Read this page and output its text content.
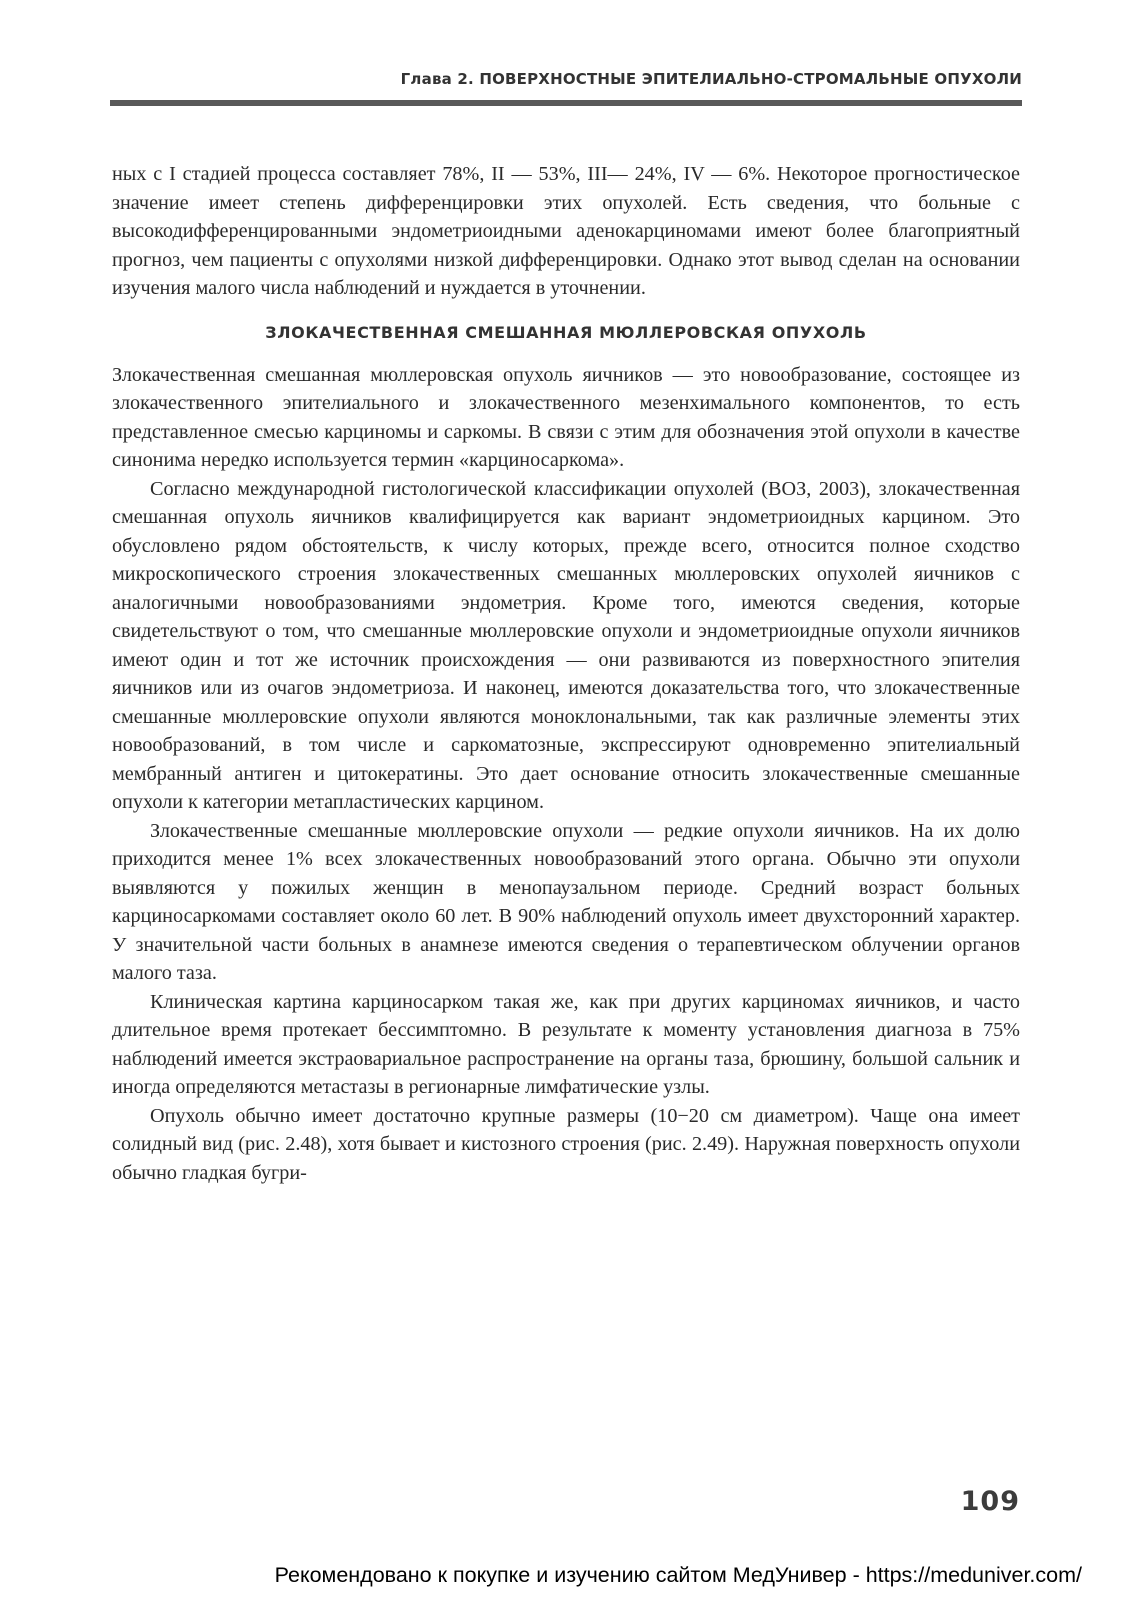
Глава 2. ПОВЕРХНОСТНЫЕ ЭПИТЕЛИАЛЬНО-СТРОМАЛЬНЫЕ ОПУХОЛИ

ных с I стадией процесса составляет 78%, II — 53%, III— 24%, IV — 6%. Некоторое прогностическое значение имеет степень дифференцировки этих опухолей. Есть сведения, что больные с высокодифференцированными эндометриоидными аденокарциномами имеют более благоприятный прогноз, чем пациенты с опухолями низкой дифференцировки. Однако этот вывод сделан на основании изучения малого числа наблюдений и нуждается в уточнении.

ЗЛОКАЧЕСТВЕННАЯ СМЕШАННАЯ МЮЛЛЕРОВСКАЯ ОПУХОЛЬ

Злокачественная смешанная мюллеровская опухоль яичников — это новообразование, состоящее из злокачественного эпителиального и злокачественного мезенхимального компонентов, то есть представленное смесью карциномы и саркомы. В связи с этим для обозначения этой опухоли в качестве синонима нередко используется термин «карциносаркома».

Согласно международной гистологической классификации опухолей (ВОЗ, 2003), злокачественная смешанная опухоль яичников квалифицируется как вариант эндометриоидных карцином. Это обусловлено рядом обстоятельств, к числу которых, прежде всего, относится полное сходство микроскопического строения злокачественных смешанных мюллеровских опухолей яичников с аналогичными новообразованиями эндометрия. Кроме того, имеются сведения, которые свидетельствуют о том, что смешанные мюллеровские опухоли и эндометриоидные опухоли яичников имеют один и тот же источник происхождения — они развиваются из поверхностного эпителия яичников или из очагов эндометриоза. И наконец, имеются доказательства того, что злокачественные смешанные мюллеровские опухоли являются моноклональными, так как различные элементы этих новообразований, в том числе и саркоматозные, экспрессируют одновременно эпителиальный мембранный антиген и цитокератины. Это дает основание относить злокачественные смешанные опухоли к категории метапластических карцином.

Злокачественные смешанные мюллеровские опухоли — редкие опухоли яичников. На их долю приходится менее 1% всех злокачественных новообразований этого органа. Обычно эти опухоли выявляются у пожилых женщин в менопаузальном периоде. Средний возраст больных карциносаркомами составляет около 60 лет. В 90% наблюдений опухоль имеет двухсторонний характер. У значительной части больных в анамнезе имеются сведения о терапевтическом облучении органов малого таза.

Клиническая картина карциносарком такая же, как при других карциномах яичников, и часто длительное время протекает бессимптомно. В результате к моменту установления диагноза в 75% наблюдений имеется экстраовариальное распространение на органы таза, брюшину, большой сальник и иногда определяются метастазы в регионарные лимфатические узлы.

Опухоль обычно имеет достаточно крупные размеры (10−20 см диаметром). Чаще она имеет солидный вид (рис. 2.48), хотя бывает и кистозного строения (рис. 2.49). Наружная поверхность опухоли обычно гладкая бугри-

109
Рекомендовано к покупке и изучению сайтом МедУнивер - https://meduniver.com/
